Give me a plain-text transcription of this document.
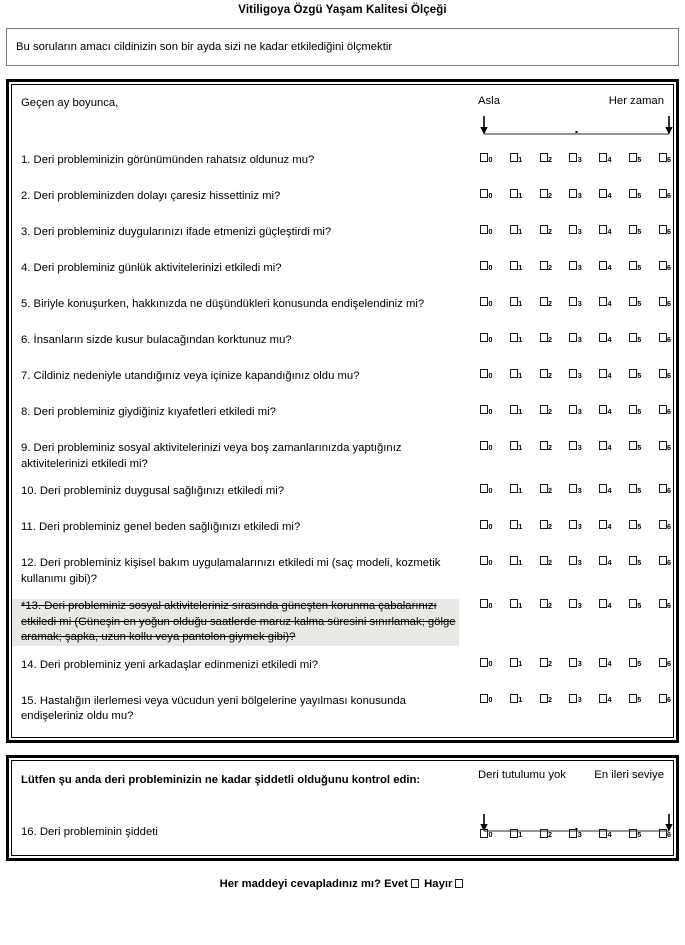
Vitiligoya Özgü Yaşam Kalitesi Ölçeği
Bu soruların amacı cildinizin son bir ayda sizi ne kadar etkilediğini ölçmektir
Geçen ay boyunca,	Asla	Her zaman
1. Deri probleminizin görünümünden rahatsız oldunuz mu?	0	1	2	3	4	5	6
2. Deri probleminizden dolayı çaresiz hissettiniz mi?	0	1	2	3	4	5	6
3. Deri probleminiz duygularınızı ifade etmenizi güçleştirdi mi?	0	1	2	3	4	5	6
4. Deri probleminiz günlük aktivitelerinizi etkiledi mi?	0	1	2	3	4	5	6
5. Biriyle konuşurken, hakkınızda ne düşündükleri konusunda endişelendiniz mi?	0	1	2	3	4	5	6
6. İnsanların sizde kusur bulacağından korktunuz mu?	0	1	2	3	4	5	6
7. Cildiniz nedeniyle utandığınız veya içinize kapandığınız oldu mu?	0	1	2	3	4	5	6
8. Deri probleminiz giydiğiniz kıyafetleri etkiledi mi?	0	1	2	3	4	5	6
9. Deri probleminiz sosyal aktivitelerinizi veya boş zamanlarınızda yaptığınız aktivitelerinizi etkiledi mi?
0	1	2	3	4	5	6
10. Deri probleminiz duygusal sağlığınızı etkiledi mi?	0	1	2	3	4	5	6
11. Deri probleminiz genel beden sağlığınızı etkiledi mi?	0	1	2	3	4	5	6
12. Deri probleminiz kişisel bakım uygulamalarınızı etkiledi mi (saç modeli, kozmetik kullanımı gibi)?
0	1	2	3	4	5	6
*13. Deri probleminiz sosyal aktiviteleriniz sırasında güneşten korunma çabalarınızı etkiledi mi (Güneşin en yoğun olduğu saatlerde maruz kalma süresini sınırlamak; gölge aramak; şapka, uzun kollu veya pantolon giymek gibi)?
0	1	2	3	4	5	6
14. Deri probleminiz yeni arkadaşlar edinmenizi etkiledi mi?	0	1	2	3	4	5	6
15. Hastalığın ilerlemesi veya vücudun yeni bölgelerine yayılması konusunda endişeleriniz oldu mu?
0	1	2	3	4	5	6
Lütfen şu anda deri probleminizin ne kadar şiddetli olduğunu kontrol edin:
16. Deri probleminin şiddeti
Deri tutulumu yok	En ileri seviye
0	1	2	3	4	5	6
Her maddeyi cevapladınız mı? Evet Hayır
